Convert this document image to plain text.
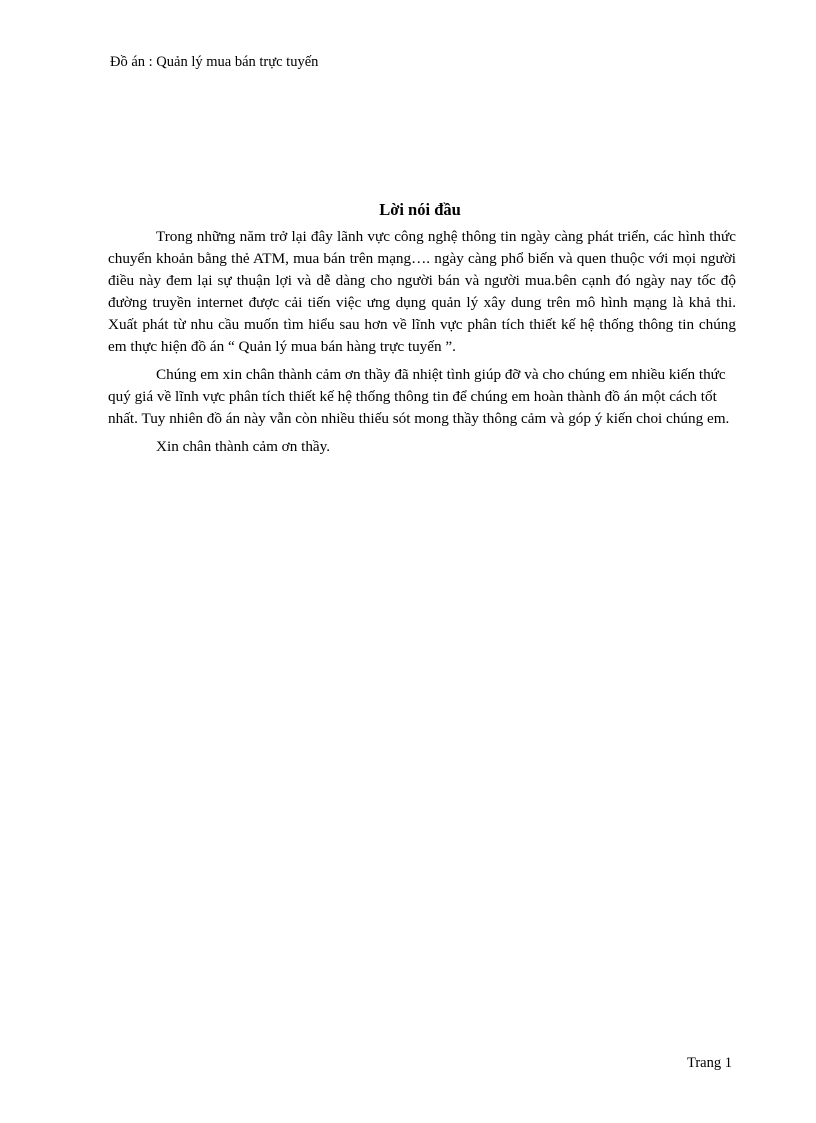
Đồ án : Quản lý mua bán trực tuyến
Lời nói đầu

Trong những năm trở lại đây lãnh vực công nghệ thông tin ngày càng phát triển, các hình thức chuyển khoản bằng thẻ ATM, mua bán trên mạng…. ngày càng phổ biến và quen thuộc với mọi người điều này đem lại sự thuận lợi và dễ dàng cho người bán và người mua.bên cạnh đó ngày nay tốc độ đường truyền internet được cải tiến việc ưng dụng quản lý xây dung trên mô hình mạng là khả thi. Xuất phát từ nhu cầu muốn tìm hiểu sau hơn về lĩnh vực phân tích thiết kế hệ thống thông tin chúng em thực hiện đồ án “ Quản lý mua bán hàng trực tuyến ”.

Chúng em xin chân thành cảm ơn thầy đã nhiệt tình giúp đỡ và cho chúng em nhiều kiến thức quý giá về lĩnh vực phân tích thiết kế hệ thống thông tin để chúng em hoàn thành đồ án một cách tốt nhất. Tuy nhiên đồ án này vẫn còn nhiều thiếu sót mong thầy thông cảm và góp ý kiến choi chúng em.

Xin chân thành cảm ơn thầy.

Trang 1
